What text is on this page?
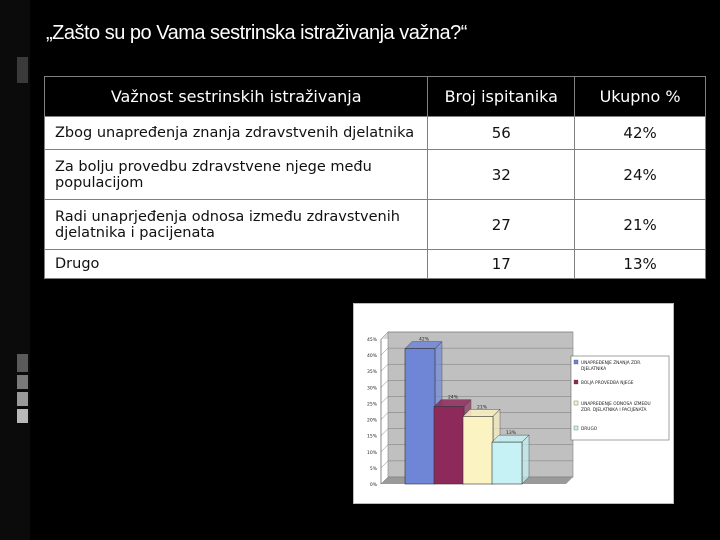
„Zašto su po Vama sestrinska istraživanja važna?“
Važnost sestrinskih istraživanja	Broj ispitanika	Ukupno %
Zbog unapređenja znanja zdravstvenih djelatnika	56	42%
Za bolju provedbu zdravstvene njege među populacijom	32	24%
Radi unaprjeđenja odnosa između zdravstvenih djelatnika i pacijenata	27	21%
Drugo	17	13%
0%
5%
10%
15%
20%
25%
30%
35%
40%
45%	42%
24%
21%
13%
UNAPREĐENJE ZNANJA ZDR. DJELATNIKA
BOLJA PROVEDBA NJEGE
UNAPREĐENJE ODNOSA IZMEĐU ZDR. DJELATNIKA I PACIJENATA
DRUGO
